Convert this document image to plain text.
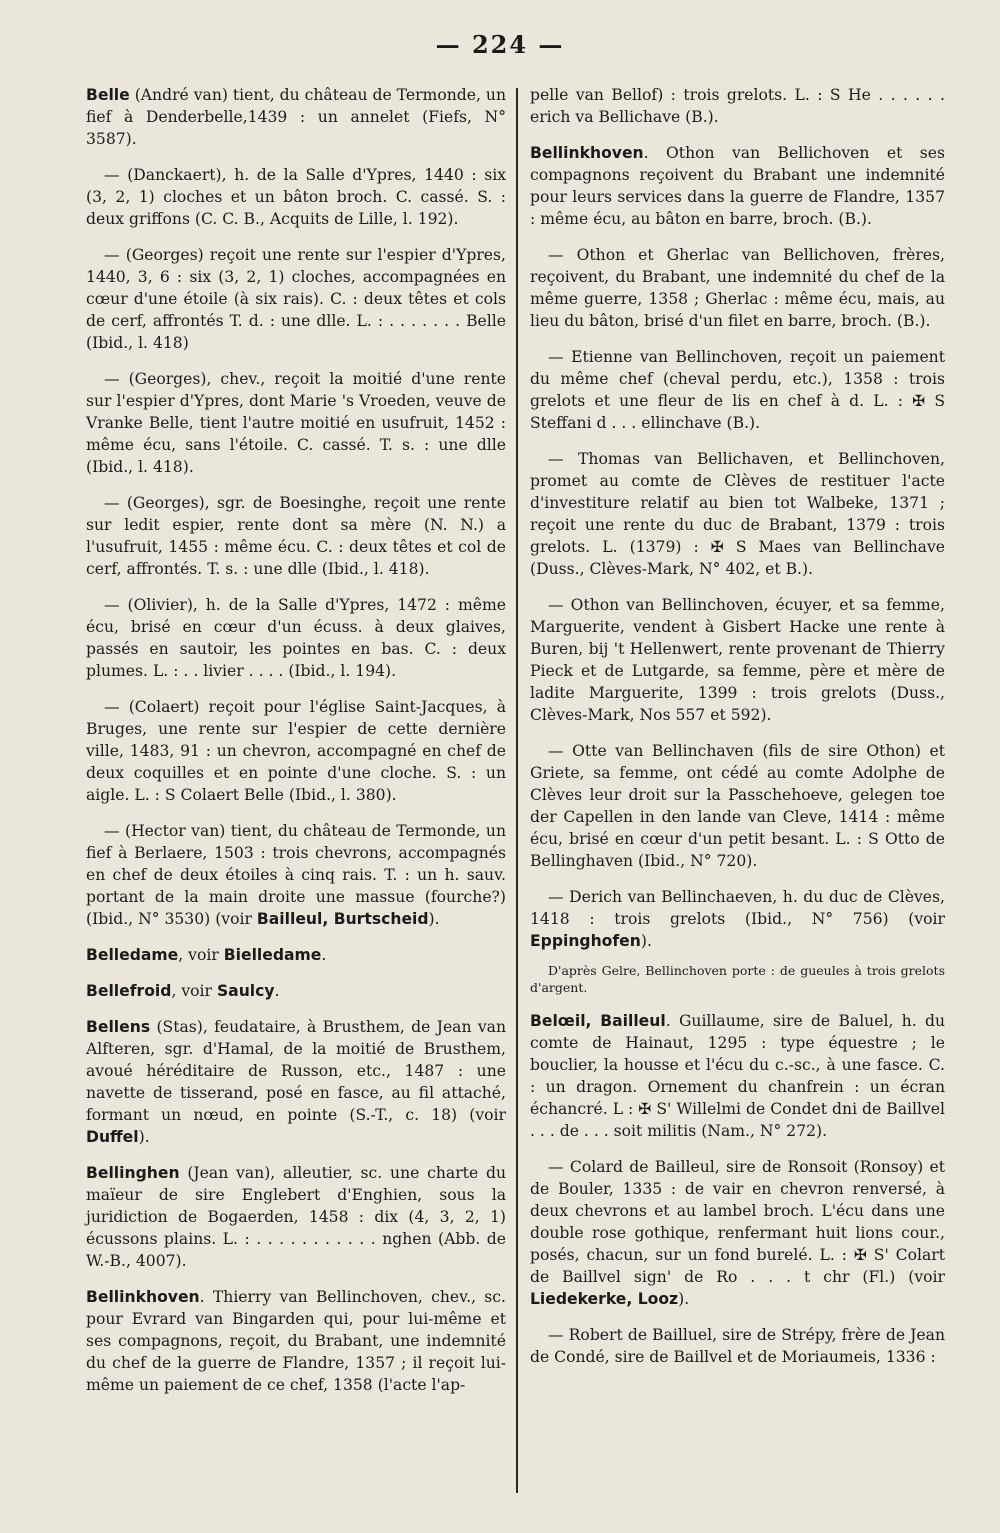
— 224 —

Belle (André van) tient, du château de Termonde, un fief à Denderbelle,1439 : un annelet (Fiefs, N° 3587).

— (Danckaert), h. de la Salle d'Ypres, 1440 : six (3, 2, 1) cloches et un bâton broch. C. cassé. S. : deux griffons (C. C. B., Acquits de Lille, l. 192).

— (Georges) reçoit une rente sur l'espier d'Ypres, 1440, 3, 6 : six (3, 2, 1) cloches, accompagnées en cœur d'une étoile (à six rais). C. : deux têtes et cols de cerf, affrontés T. d. : une dlle. L. : . . . . . . . Belle (Ibid., l. 418)

— (Georges), chev., reçoit la moitié d'une rente sur l'espier d'Ypres, dont Marie 's Vroeden, veuve de Vranke Belle, tient l'autre moitié en usufruit, 1452 : même écu, sans l'étoile. C. cassé. T. s. : une dlle (Ibid., l. 418).

— (Georges), sgr. de Boesinghe, reçoit une rente sur ledit espier, rente dont sa mère (N. N.) a l'usufruit, 1455 : même écu. C. : deux têtes et col de cerf, affrontés. T. s. : une dlle (Ibid., l. 418).

— (Olivier), h. de la Salle d'Ypres, 1472 : même écu, brisé en cœur d'un écuss. à deux glaives, passés en sautoir, les pointes en bas. C. : deux plumes. L. : . . livier . . . . (Ibid., l. 194).

— (Colaert) reçoit pour l'église Saint-Jacques, à Bruges, une rente sur l'espier de cette dernière ville, 1483, 91 : un chevron, accompagné en chef de deux coquilles et en pointe d'une cloche. S. : un aigle. L. : S Colaert Belle (Ibid., l. 380).

— (Hector van) tient, du château de Termonde, un fief à Berlaere, 1503 : trois chevrons, accompagnés en chef de deux étoiles à cinq rais. T. : un h. sauv. portant de la main droite une massue (fourche?) (Ibid., N° 3530) (voir Bailleul, Burtscheid).

Belledame, voir Bielledame.

Bellefroid, voir Saulcy.

Bellens (Stas), feudataire, à Brusthem, de Jean van Alfteren, sgr. d'Hamal, de la moitié de Brusthem, avoué héréditaire de Russon, etc., 1487 : une navette de tisserand, posé en fasce, au fil attaché, formant un nœud, en pointe (S.-T., c. 18) (voir Duffel).

Bellinghen (Jean van), alleutier, sc. une charte du maïeur de sire Englebert d'Enghien, sous la juridiction de Bogaerden, 1458 : dix (4, 3, 2, 1) écussons plains. L. : . . . . . . . . . . . nghen (Abb. de W.-B., 4007).

Bellinkhoven. Thierry van Bellinchoven, chev., sc. pour Evrard van Bingarden qui, pour lui-même et ses compagnons, reçoit, du Brabant, une indemnité du chef de la guerre de Flandre, 1357 ; il reçoit lui-même un paiement de ce chef, 1358 (l'acte l'ap-

pelle van Bellof) : trois grelots. L. : S He . . . . . . erich va Bellichave (B.).

Bellinkhoven. Othon van Bellichoven et ses compagnons reçoivent du Brabant une indemnité pour leurs services dans la guerre de Flandre, 1357 : même écu, au bâton en barre, broch. (B.).

— Othon et Gherlac van Bellichoven, frères, reçoivent, du Brabant, une indemnité du chef de la même guerre, 1358 ; Gherlac : même écu, mais, au lieu du bâton, brisé d'un filet en barre, broch. (B.).

— Etienne van Bellinchoven, reçoit un paiement du même chef (cheval perdu, etc.), 1358 : trois grelots et une fleur de lis en chef à d. L. : ✠ S Steffani d . . . ellinchave (B.).

— Thomas van Bellichaven, et Bellinchoven, promet au comte de Clèves de restituer l'acte d'investiture relatif au bien tot Walbeke, 1371 ; reçoit une rente du duc de Brabant, 1379 : trois grelots. L. (1379) : ✠ S Maes van Bellinchave (Duss., Clèves-Mark, N° 402, et B.).

— Othon van Bellinchoven, écuyer, et sa femme, Marguerite, vendent à Gisbert Hacke une rente à Buren, bij 't Hellenwert, rente provenant de Thierry Pieck et de Lutgarde, sa femme, père et mère de ladite Marguerite, 1399 : trois grelots (Duss., Clèves-Mark, Nos 557 et 592).

— Otte van Bellinchaven (fils de sire Othon) et Griete, sa femme, ont cédé au comte Adolphe de Clèves leur droit sur la Passchehoeve, gelegen toe der Capellen in den lande van Cleve, 1414 : même écu, brisé en cœur d'un petit besant. L. : S Otto de Bellinghaven (Ibid., N° 720).

— Derich van Bellinchaeven, h. du duc de Clèves, 1418 : trois grelots (Ibid., N° 756) (voir Eppinghofen).

D'après Gelre, Bellinchoven porte : de gueules à trois grelots d'argent.

Belœil, Bailleul. Guillaume, sire de Baluel, h. du comte de Hainaut, 1295 : type équestre ; le bouclier, la housse et l'écu du c.-sc., à une fasce. C. : un dragon. Ornement du chanfrein : un écran échancré. L : ✠ S' Willelmi de Condet dni de Baillvel . . . de . . . soit militis (Nam., N° 272).

— Colard de Bailleul, sire de Ronsoit (Ronsoy) et de Bouler, 1335 : de vair en chevron renversé, à deux chevrons et au lambel broch. L'écu dans une double rose gothique, renfermant huit lions cour., posés, chacun, sur un fond burelé. L. : ✠ S' Colart de Baillvel sign' de Ro . . . t chr (Fl.) (voir Liedekerke, Looz).

— Robert de Bailluel, sire de Strépy, frère de Jean de Condé, sire de Baillvel et de Moriaumeis, 1336 :
